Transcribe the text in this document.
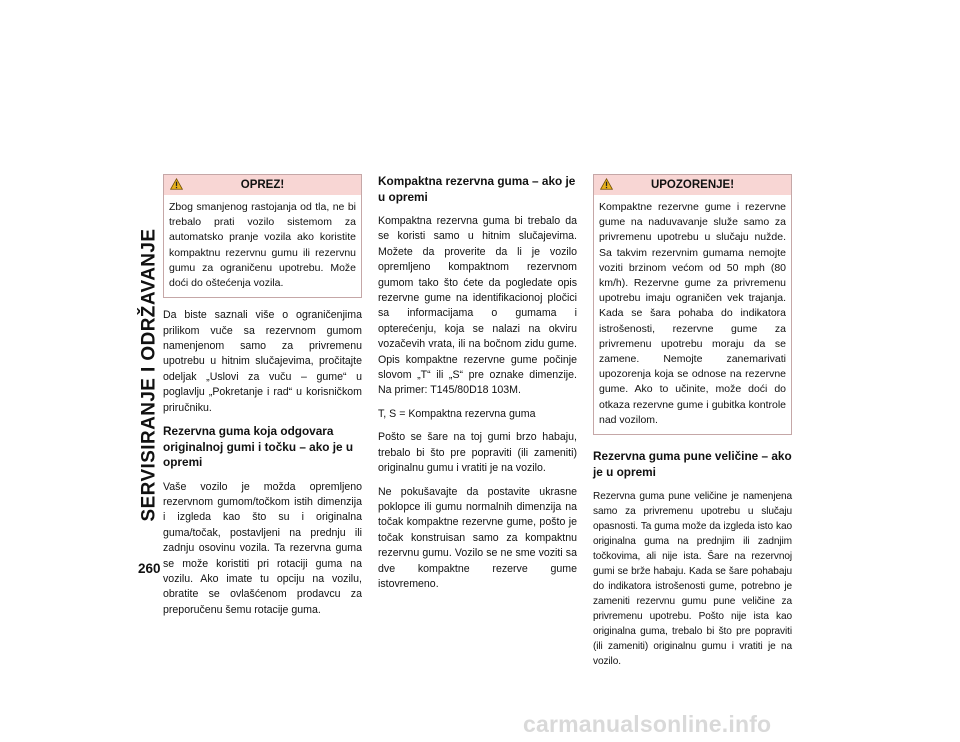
SERVISIRANJE I ODRŽAVANJE
260
OPREZ!
Zbog smanjenog rastojanja od tla, ne bi trebalo prati vozilo sistemom za automatsko pranje vozila ako koristite kompaktnu rezervnu gumu ili rezervnu gumu za ograničenu upotrebu. Može doći do oštećenja vozila.

Da biste saznali više o ograničenjima prilikom vuče sa rezervnom gumom namenjenom samo za privremenu upotrebu u hitnim slučajevima, pročitajte odeljak „Uslovi za vuču – gume“ u poglavlju „Pokretanje i rad“ u korisničkom priručniku.

Rezervna guma koja odgovara originalnoj gumi i točku – ako je u opremi

Vaše vozilo je možda opremljeno rezervnom gumom/točkom istih dimenzija i izgleda kao što su i originalna guma/točak, postavljeni na prednju ili zadnju osovinu vozila. Ta rezervna guma se može koristiti pri rotaciji guma na vozilu. Ako imate tu opciju na vozilu, obratite se ovlašćenom prodavcu za preporučenu šemu rotacije guma.

Kompaktna rezervna guma – ako je u opremi

Kompaktna rezervna guma bi trebalo da se koristi samo u hitnim slučajevima. Možete da proverite da li je vozilo opremljeno kompaktnom rezervnom gumom tako što ćete da pogledate opis rezervne gume na identifikacionoj pločici sa informacijama o gumama i opterećenju, koja se nalazi na okviru vozačevih vrata, ili na bočnom zidu gume. Opis kompaktne rezervne gume počinje slovom „T“ ili „S“ pre oznake dimenzije. Na primer: T145/80D18 103M.

T, S = Kompaktna rezervna guma

Pošto se šare na toj gumi brzo habaju, trebalo bi što pre popraviti (ili zameniti) originalnu gumu i vratiti je na vozilo.

Ne pokušavajte da postavite ukrasne poklopce ili gumu normalnih dimenzija na točak kompaktne rezervne gume, pošto je točak konstruisan samo za kompaktnu rezervnu gumu. Vozilo se ne sme voziti sa dve kompaktne rezerve gume istovremeno.

UPOZORENJE!
Kompaktne rezervne gume i rezervne gume na naduvavanje služe samo za privremenu upotrebu u slučaju nužde. Sa takvim rezervnim gumama nemojte voziti brzinom većom od 50 mph (80 km/h). Rezervne gume za privremenu upotrebu imaju ograničen vek trajanja. Kada se šara pohaba do indikatora istrošenosti, rezervne gume za privremenu upotrebu moraju da se zamene. Nemojte zanemarivati upozorenja koja se odnose na rezervne gume. Ako to učinite, može doći do otkaza rezervne gume i gubitka kontrole nad vozilom.
Rezervna guma pune veličine – ako je u opremi

Rezervna guma pune veličine je namenjena samo za privremenu upotrebu u slučaju opasnosti. Ta guma može da izgleda isto kao originalna guma na prednjim ili zadnjim točkovima, ali nije ista. Šare na rezervnoj gumi se brže habaju. Kada se šare pohabaju do indikatora istrošenosti gume, potrebno je zameniti rezervnu gumu pune veličine za privremenu upotrebu. Pošto nije ista kao originalna guma, trebalo bi što pre popraviti (ili zameniti) originalnu gumu i vratiti je na vozilo.

carmanualsonline.info
